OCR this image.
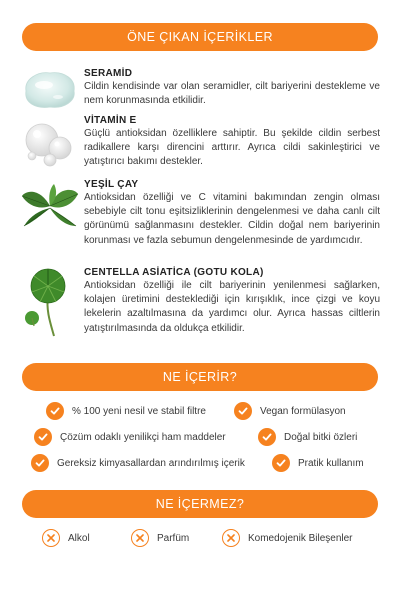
ÖNE ÇIKAN İÇERİKLER
SERAMİD
Cildin kendisinde var olan seramidler, cilt bariyerini destekleme ve nem korunmasında etkilidir.
VİTAMİN E
Güçlü antioksidan özelliklere sahiptir. Bu şekilde cildin serbest radikallere karşı direncini arttırır. Ayrıca cildi sakinleştirici ve yatıştırıcı bakımı destekler.
YEŞİL ÇAY
Antioksidan özelliği ve C vitamini bakımından zengin olması sebebiyle cilt tonu eşitsizliklerinin dengelenmesi ve daha canlı cilt görünümü sağlanmasını destekler. Cildin doğal nem bariyerinin korunması ve fazla sebumun dengelenmesinde de yardımcıdır.
CENTELLA ASİATİCA (GOTU KOLA)
Antioksidan özelliği ile cilt bariyerinin yenilenmesi sağlarken, kolajen üretimini desteklediği için kırışıklık, ince çizgi ve koyu lekelerin azaltılmasına da yardımcı olur. Ayrıca hassas ciltlerin yatıştırılmasında da oldukça etkilidir.
NE İÇERİR?
% 100 yeni nesil ve stabil filtre	Vegan formülasyon
Çözüm odaklı yenilikçi ham maddeler	Doğal bitki özleri
Gereksiz kimyasallardan arındırılmış içerik	Pratik kullanım
NE İÇERMEZ?
Alkol	Parfüm	Komedojenik Bileşenler
